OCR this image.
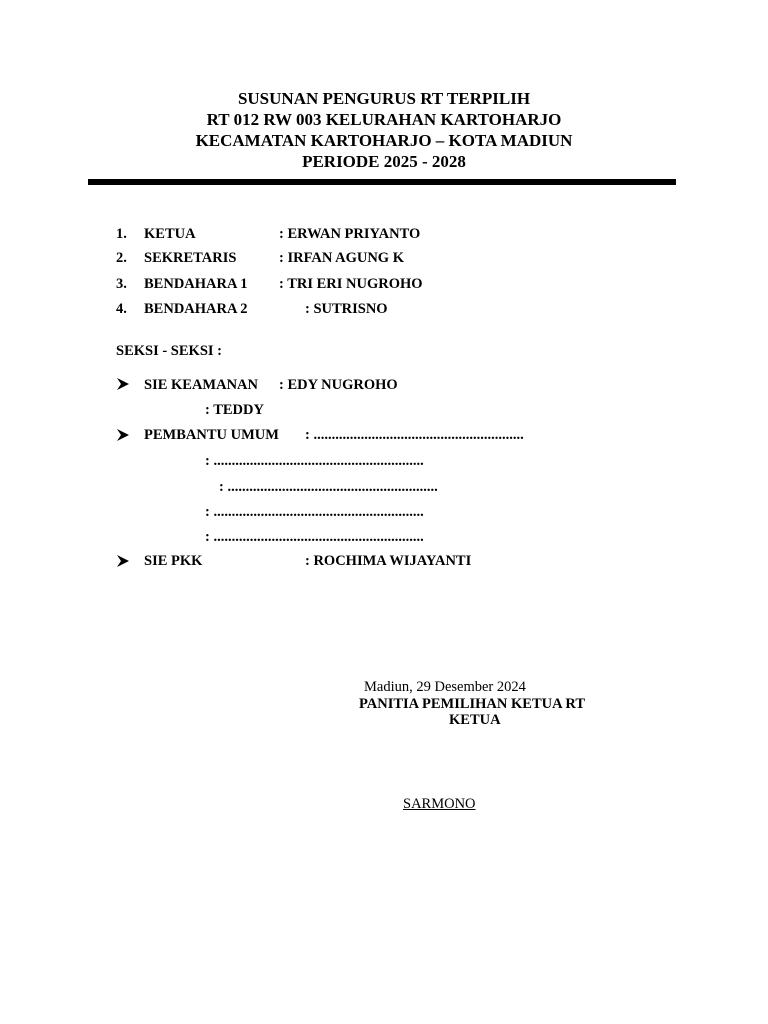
SUSUNAN PENGURUS RT TERPILIH
RT 012 RW 003 KELURAHAN KARTOHARJO
KECAMATAN KARTOHARJO – KOTA MADIUN
PERIODE 2025 - 2028
1. KETUA	: ERWAN PRIYANTO
2. SEKRETARIS	: IRFAN AGUNG K
3. BENDAHARA 1 : TRI ERI NUGROHO
4. BENDAHARA 2	: SUTRISNO
SEKSI - SEKSI :
SIE KEAMANAN : EDY NUGROHO
: TEDDY
PEMBANTU UMUM : ..........................................................
: ..........................................................
: ..........................................................
: ..........................................................
: ..........................................................
SIE PKK	: ROCHIMA WIJAYANTI
Madiun, 29 Desember 2024
PANITIA PEMILIHAN KETUA RT
KETUA
SARMONO
